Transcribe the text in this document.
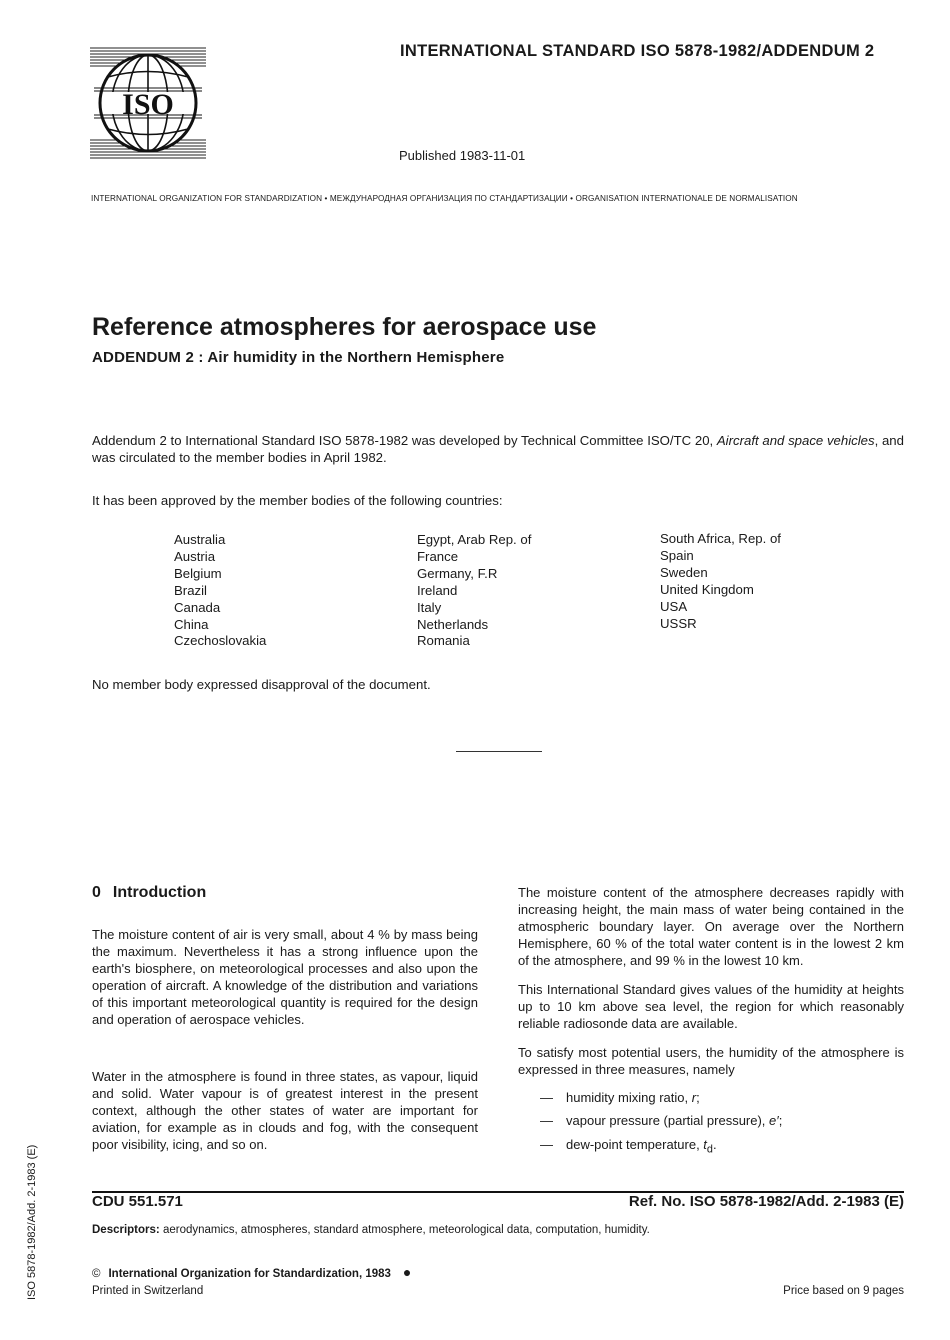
ISO
INTERNATIONAL STANDARD ISO 5878-1982/ADDENDUM 2
Published 1983-11-01
INTERNATIONAL ORGANIZATION FOR STANDARDIZATION • МЕЖДУНАРОДНАЯ ОРГАНИЗАЦИЯ ПО СТАНДАРТИЗАЦИИ • ORGANISATION INTERNATIONALE DE NORMALISATION
Reference atmospheres for aerospace use
ADDENDUM 2 : Air humidity in the Northern Hemisphere
Addendum 2 to International Standard ISO 5878-1982 was developed by Technical Committee ISO/TC 20, Aircraft and space vehicles, and was circulated to the member bodies in April 1982.
It has been approved by the member bodies of the following countries:
Australia
Austria
Belgium
Brazil
Canada
China
Czechoslovakia
Egypt, Arab Rep. of
France
Germany, F.R
Ireland
Italy
Netherlands
Romania
South Africa, Rep. of
Spain
Sweden
United Kingdom
USA
USSR
No member body expressed disapproval of the document.
0 Introduction
The moisture content of air is very small, about 4 % by mass being the maximum. Nevertheless it has a strong influence upon the earth's biosphere, on meteorological processes and also upon the operation of aircraft. A knowledge of the distribution and variations of this important meteorological quantity is required for the design and operation of aerospace vehicles.
Water in the atmosphere is found in three states, as vapour, liquid and solid. Water vapour is of greatest interest in the present context, although the other states of water are important for aviation, for example as in clouds and fog, with the consequent poor visibility, icing, and so on.
The moisture content of the atmosphere decreases rapidly with increasing height, the main mass of water being contained in the atmospheric boundary layer. On average over the Northern Hemisphere, 60 % of the total water content is in the lowest 2 km of the atmosphere, and 99 % in the lowest 10 km.
This International Standard gives values of the humidity at heights up to 10 km above sea level, the region for which reasonably reliable radiosonde data are available.
To satisfy most potential users, the humidity of the atmosphere is expressed in three measures, namely
— humidity mixing ratio, r;
— vapour pressure (partial pressure), e′;
— dew-point temperature, $t_d$.
CDU 551.571	Ref. No. ISO 5878-1982/Add. 2-1983 (E)
Descriptors: aerodynamics, atmospheres, standard atmosphere, meteorological data, computation, humidity.
© International Organization for Standardization, 1983 ●
Printed in Switzerland	Price based on 9 pages
ISO 5878-1982/Add. 2-1983 (E)
